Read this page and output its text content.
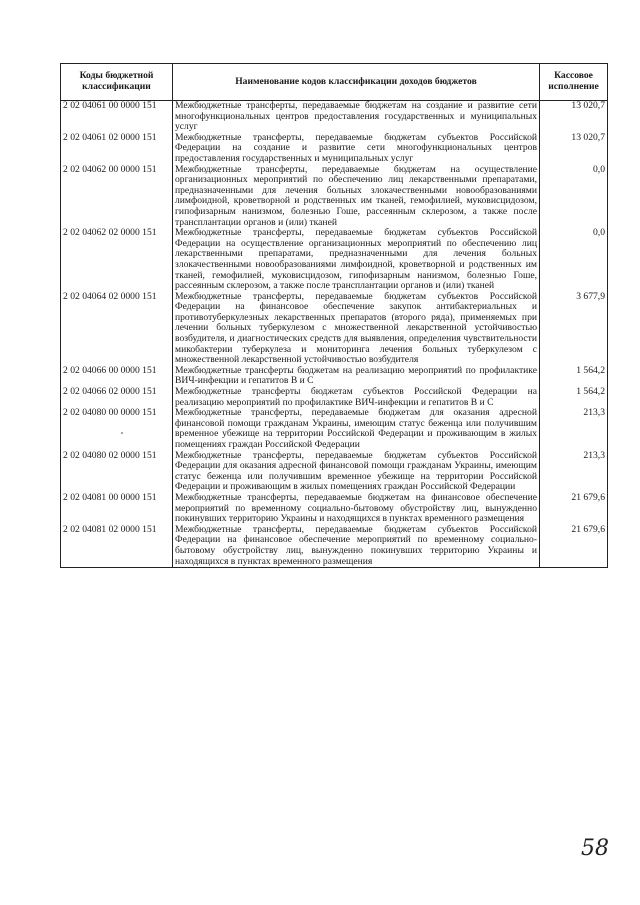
Коды бюджетной классификации	Наименование кодов классификации доходов бюджетов	Кассовое исполнение
2 02 04061 00 0000 151	Межбюджетные трансферты, передаваемые бюджетам на создание и развитие сети многофункциональных центров предоставления государственных и муниципальных услуг	13 020,7
2 02 04061 02 0000 151	Межбюджетные трансферты, передаваемые бюджетам субъектов Российской Федерации на создание и развитие сети многофункциональных центров предоставления государственных и муниципальных услуг	13 020,7
2 02 04062 00 0000 151	Межбюджетные трансферты, передаваемые бюджетам на осуществление организационных мероприятий по обеспечению лиц лекарственными препаратами, предназначенными для лечения больных злокачественными новообразованиями лимфоидной, кроветворной и родственных им тканей, гемофилией, муковисцидозом, гипофизарным нанизмом, болезнью Гоше, рассеянным склерозом, а также после трансплантации органов и (или) тканей	0,0
2 02 04062 02 0000 151	Межбюджетные трансферты, передаваемые бюджетам субъектов Российской Федерации на осуществление организационных мероприятий по обеспечению лиц лекарственными препаратами, предназначенными для лечения больных злокачественными новообразованиями лимфоидной, кроветворной и родственных им тканей, гемофилией, муковисцидозом, гипофизарным нанизмом, болезнью Гоше, рассеянным склерозом, а также после трансплантации органов и (или) тканей	0,0
2 02 04064 02 0000 151	Межбюджетные трансферты, передаваемые бюджетам субъектов Российской Федерации на финансовое обеспечение закупок антибактериальных и противотуберкулезных лекарственных препаратов (второго ряда), применяемых при лечении больных туберкулезом с множественной лекарственной устойчивостью возбудителя, и диагностических средств для выявления, определения чувствительности микобактерии туберкулеза и мониторинга лечения больных туберкулезом с множественной лекарственной устойчивостью возбудителя	3 677,9
2 02 04066 00 0000 151	Межбюджетные трансферты бюджетам на реализацию мероприятий по профилактике ВИЧ-инфекции и гепатитов В и С	1 564,2
2 02 04066 02 0000 151	Межбюджетные трансферты бюджетам субъектов Российской Федерации на реализацию мероприятий по профилактике ВИЧ-инфекции и гепатитов В и С	1 564,2
2 02 04080 00 0000 151	Межбюджетные трансферты, передаваемые бюджетам для оказания адресной финансовой помощи гражданам Украины, имеющим статус беженца или получившим временное убежище на территории Российской Федерации и проживающим в жилых помещениях граждан Российской Федерации	213,3
2 02 04080 02 0000 151	Межбюджетные трансферты, передаваемые бюджетам субъектов Российской Федерации для оказания адресной финансовой помощи гражданам Украины, имеющим статус беженца или получившим временное убежище на территории Российской Федерации и проживающим в жилых помещениях граждан Российской Федерации	213,3
2 02 04081 00 0000 151	Межбюджетные трансферты, передаваемые бюджетам на финансовое обеспечение мероприятий по временному социально-бытовому обустройству лиц, вынужденно покинувших территорию Украины и находящихся в пунктах временного размещения	21 679,6
2 02 04081 02 0000 151	Межбюджетные трансферты, передаваемые бюджетам субъектов Российской Федерации на финансовое обеспечение мероприятий по временному социально-бытовому обустройству лиц, вынужденно покинувших территорию Украины и находящихся в пунктах временного размещения	21 679,6
58
